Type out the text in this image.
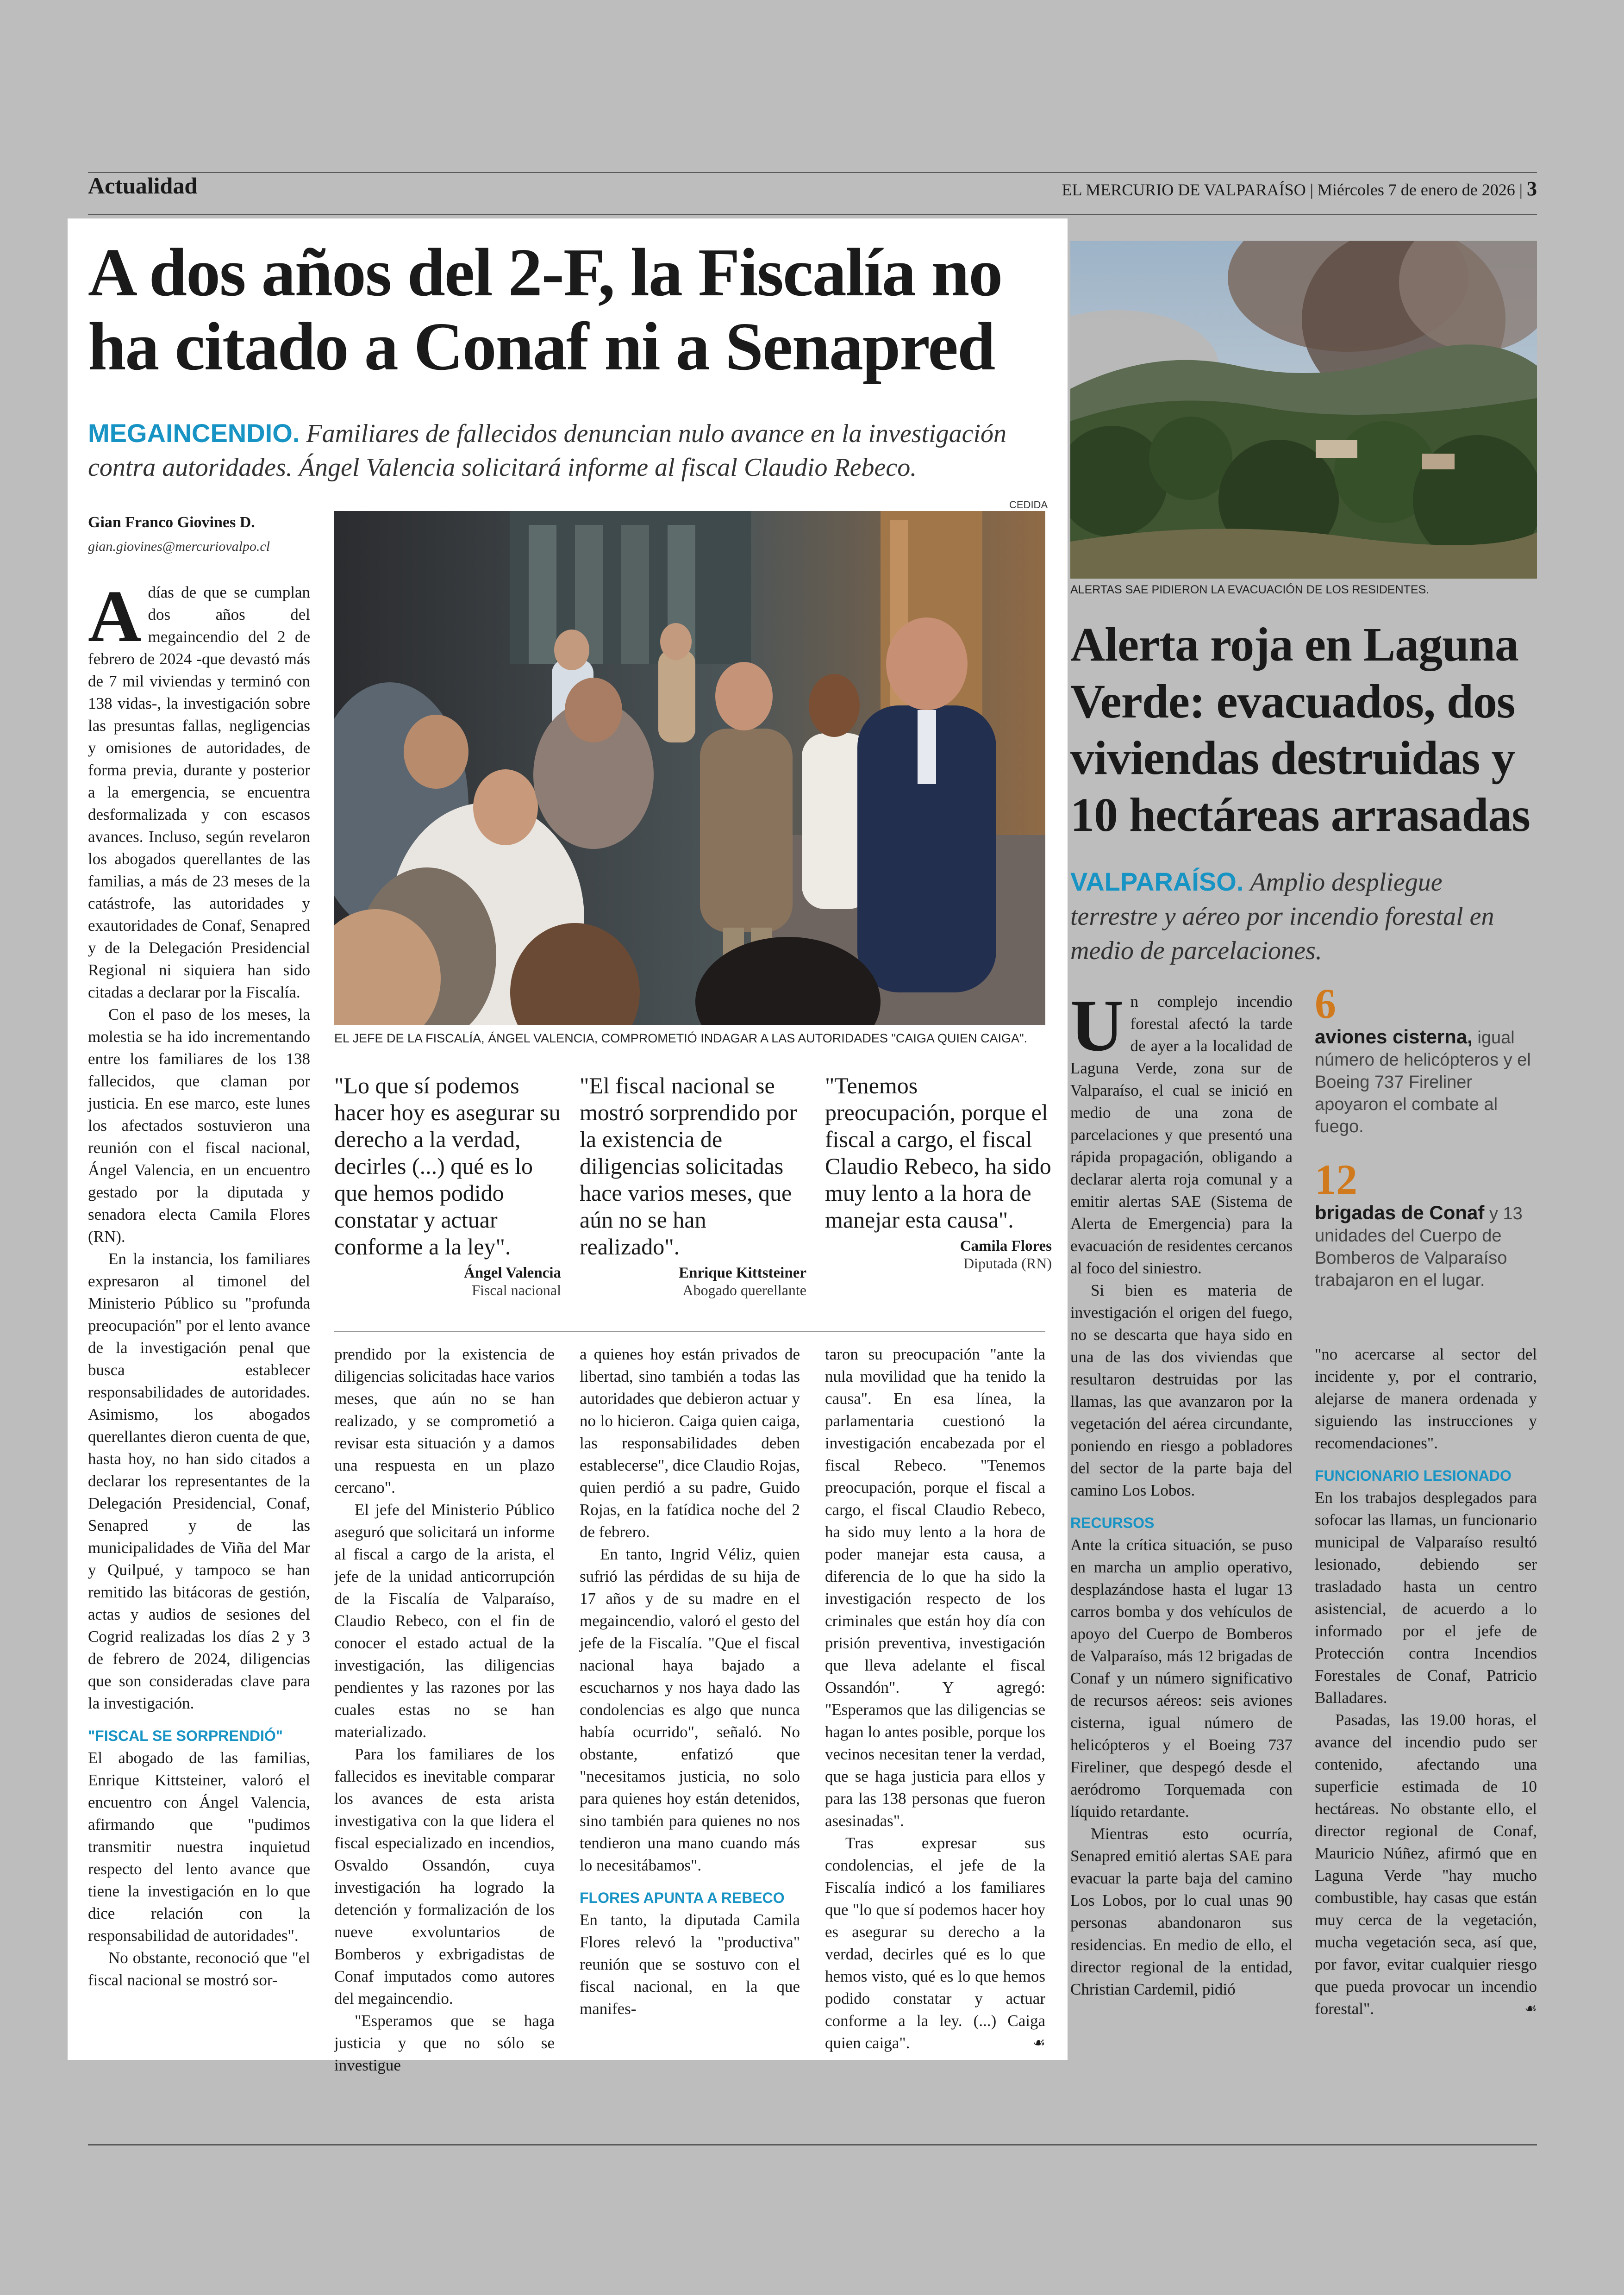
Actualidad	EL MERCURIO DE VALPARAÍSO | Miércoles 7 de enero de 2026 | 3
A dos años del 2-F, la Fiscalía no ha citado a Conaf ni a Senapred
MEGAINCENDIO. Familiares de fallecidos denuncian nulo avance en la investigación contra autoridades. Ángel Valencia solicitará informe al fiscal Claudio Rebeco.
Gian Franco Giovines D.
gian.giovines@mercuriovalpo.cl
CEDIDA
EL JEFE DE LA FISCALÍA, ÁNGEL VALENCIA, COMPROMETIÓ INDAGAR A LAS AUTORIDADES "CAIGA QUIEN CAIGA".

Adías de que se cumplan dos años del megaincendio del 2 de febrero de 2024 -que devastó más de 7 mil viviendas y terminó con 138 vidas-, la investigación sobre las presuntas fallas, negligencias y omisiones de autoridades, de forma previa, durante y posterior a la emergencia, se encuentra desformalizada y con escasos avances. Incluso, según revelaron los abogados querellantes de las familias, a más de 23 meses de la catástrofe, las autoridades y exautoridades de Conaf, Senapred y de la Delegación Presidencial Regional ni siquiera han sido citadas a declarar por la Fiscalía.

Con el paso de los meses, la molestia se ha ido incrementando entre los familiares de los 138 fallecidos, que claman por justicia. En ese marco, este lunes los afectados sostuvieron una reunión con el fiscal nacional, Ángel Valencia, en un encuentro gestado por la diputada y senadora electa Camila Flores (RN).

En la instancia, los familiares expresaron al timonel del Ministerio Público su "profunda preocupación" por el lento avance de la investigación penal que busca establecer responsabilidades de autoridades. Asimismo, los abogados querellantes dieron cuenta de que, hasta hoy, no han sido citados a declarar los representantes de la Delegación Presidencial, Conaf, Senapred y de las municipalidades de Viña del Mar y Quilpué, y tampoco se han remitido las bitácoras de gestión, actas y audios de sesiones del Cogrid realizadas los días 2 y 3 de febrero de 2024, diligencias que son consideradas clave para la investigación.

"FISCAL SE SORPRENDIÓ"

El abogado de las familias, Enrique Kittsteiner, valoró el encuentro con Ángel Valencia, afirmando que "pudimos transmitir nuestra inquietud respecto del lento avance que tiene la investigación en lo que dice relación con la responsabilidad de autoridades".

No obstante, reconoció que "el fiscal nacional se mostró sor-

"Lo que sí podemos hacer hoy es asegurar su derecho a la verdad, decirles (...) qué es lo que hemos podido constatar y actuar conforme a la ley".
Ángel Valencia
Fiscal nacional
"El fiscal nacional se mostró sorprendido por la existencia de diligencias solicitadas hace varios meses, que aún no se han realizado".
Enrique Kittsteiner
Abogado querellante
"Tenemos preocupación, porque el fiscal a cargo, el fiscal Claudio Rebeco, ha sido muy lento a la hora de manejar esta causa".
Camila Flores
Diputada (RN)

prendido por la existencia de diligencias solicitadas hace varios meses, que aún no se han realizado, y se comprometió a revisar esta situación y a damos una respuesta en un plazo cercano".

El jefe del Ministerio Público aseguró que solicitará un informe al fiscal a cargo de la arista, el jefe de la unidad anticorrupción de la Fiscalía de Valparaíso, Claudio Rebeco, con el fin de conocer el estado actual de la investigación, las diligencias pendientes y las razones por las cuales estas no se han materializado.

Para los familiares de los fallecidos es inevitable comparar los avances de esta arista investigativa con la que lidera el fiscal especializado en incendios, Osvaldo Ossandón, cuya investigación ha logrado la detención y formalización de los nueve exvoluntarios de Bomberos y exbrigadistas de Conaf imputados como autores del megaincendio.

"Esperamos que se haga justicia y que no sólo se investigue

a quienes hoy están privados de libertad, sino también a todas las autoridades que debieron actuar y no lo hicieron. Caiga quien caiga, las responsabilidades deben establecerse", dice Claudio Rojas, quien perdió a su padre, Guido Rojas, en la fatídica noche del 2 de febrero.

En tanto, Ingrid Véliz, quien sufrió las pérdidas de su hija de 17 años y de su madre en el megaincendio, valoró el gesto del jefe de la Fiscalía. "Que el fiscal nacional haya bajado a escucharnos y nos haya dado las condolencias es algo que nunca había ocurrido", señaló. No obstante, enfatizó que "necesitamos justicia, no solo para quienes hoy están detenidos, sino también para quienes no nos tendieron una mano cuando más lo necesitábamos".

FLORES APUNTA A REBECO

En tanto, la diputada Camila Flores relevó la "productiva" reunión que se sostuvo con el fiscal nacional, en la que manifes-

taron su preocupación "ante la nula movilidad que ha tenido la causa". En esa línea, la parlamentaria cuestionó la investigación encabezada por el fiscal Rebeco. "Tenemos preocupación, porque el fiscal a cargo, el fiscal Claudio Rebeco, ha sido muy lento a la hora de poder manejar esta causa, a diferencia de lo que ha sido la investigación respecto de los criminales que están hoy día con prisión preventiva, investigación que lleva adelante el fiscal Ossandón". Y agregó: "Esperamos que las diligencias se hagan lo antes posible, porque los vecinos necesitan tener la verdad, que se haga justicia para ellos y para las 138 personas que fueron asesinadas".

Tras expresar sus condolencias, el jefe de la Fiscalía indicó a los familiares que "lo que sí podemos hacer hoy es asegurar su derecho a la verdad, decirles qué es lo que hemos visto, qué es lo que hemos podido constatar y actuar conforme a la ley. (...) Caiga quien caiga".	☙

ALERTAS SAE PIDIERON LA EVACUACIÓN DE LOS RESIDENTES.
Alerta roja en Laguna Verde: evacuados, dos viviendas destruidas y 10 hectáreas arrasadas
VALPARAÍSO. Amplio despliegue terrestre y aéreo por incendio forestal en medio de parcelaciones.

Un complejo incendio forestal afectó la tarde de ayer a la localidad de Laguna Verde, zona sur de Valparaíso, el cual se inició en medio de una zona de parcelaciones y que presentó una rápida propagación, obligando a declarar alerta roja comunal y a emitir alertas SAE (Sistema de Alerta de Emergencia) para la evacuación de residentes cercanos al foco del siniestro.

Si bien es materia de investigación el origen del fuego, no se descarta que haya sido en una de las dos viviendas que resultaron destruidas por las llamas, las que avanzaron por la vegetación del aérea circundante, poniendo en riesgo a pobladores del sector de la parte baja del camino Los Lobos.

RECURSOS

Ante la crítica situación, se puso en marcha un amplio operativo, desplazándose hasta el lugar 13 carros bomba y dos vehículos de apoyo del Cuerpo de Bomberos de Valparaíso, más 12 brigadas de Conaf y un número significativo de recursos aéreos: seis aviones cisterna, igual número de helicópteros y el Boeing 737 Fireliner, que despegó desde el aeródromo Torquemada con líquido retardante.

Mientras esto ocurría, Senapred emitió alertas SAE para evacuar la parte baja del camino Los Lobos, por lo cual unas 90 personas abandonaron sus residencias. En medio de ello, el director regional de la entidad, Christian Cardemil, pidió

6
aviones cisterna, igual número de helicópteros y el Boeing 737 Fireliner apoyaron el combate al fuego.
12
brigadas de Conaf y 13 unidades del Cuerpo de Bomberos de Valparaíso trabajaron en el lugar.

"no acercarse al sector del incidente y, por el contrario, alejarse de manera ordenada y siguiendo las instrucciones y recomendaciones".

FUNCIONARIO LESIONADO

En los trabajos desplegados para sofocar las llamas, un funcionario municipal de Valparaíso resultó lesionado, debiendo ser trasladado hasta un centro asistencial, de acuerdo a lo informado por el jefe de Protección contra Incendios Forestales de Conaf, Patricio Balladares.

Pasadas, las 19.00 horas, el avance del incendio pudo ser contenido, afectando una superficie estimada de 10 hectáreas. No obstante ello, el director regional de Conaf, Mauricio Núñez, afirmó que en Laguna Verde "hay mucho combustible, hay casas que están muy cerca de la vegetación, mucha vegetación seca, así que, por favor, evitar cualquier riesgo que pueda provocar un incendio forestal".	☙
